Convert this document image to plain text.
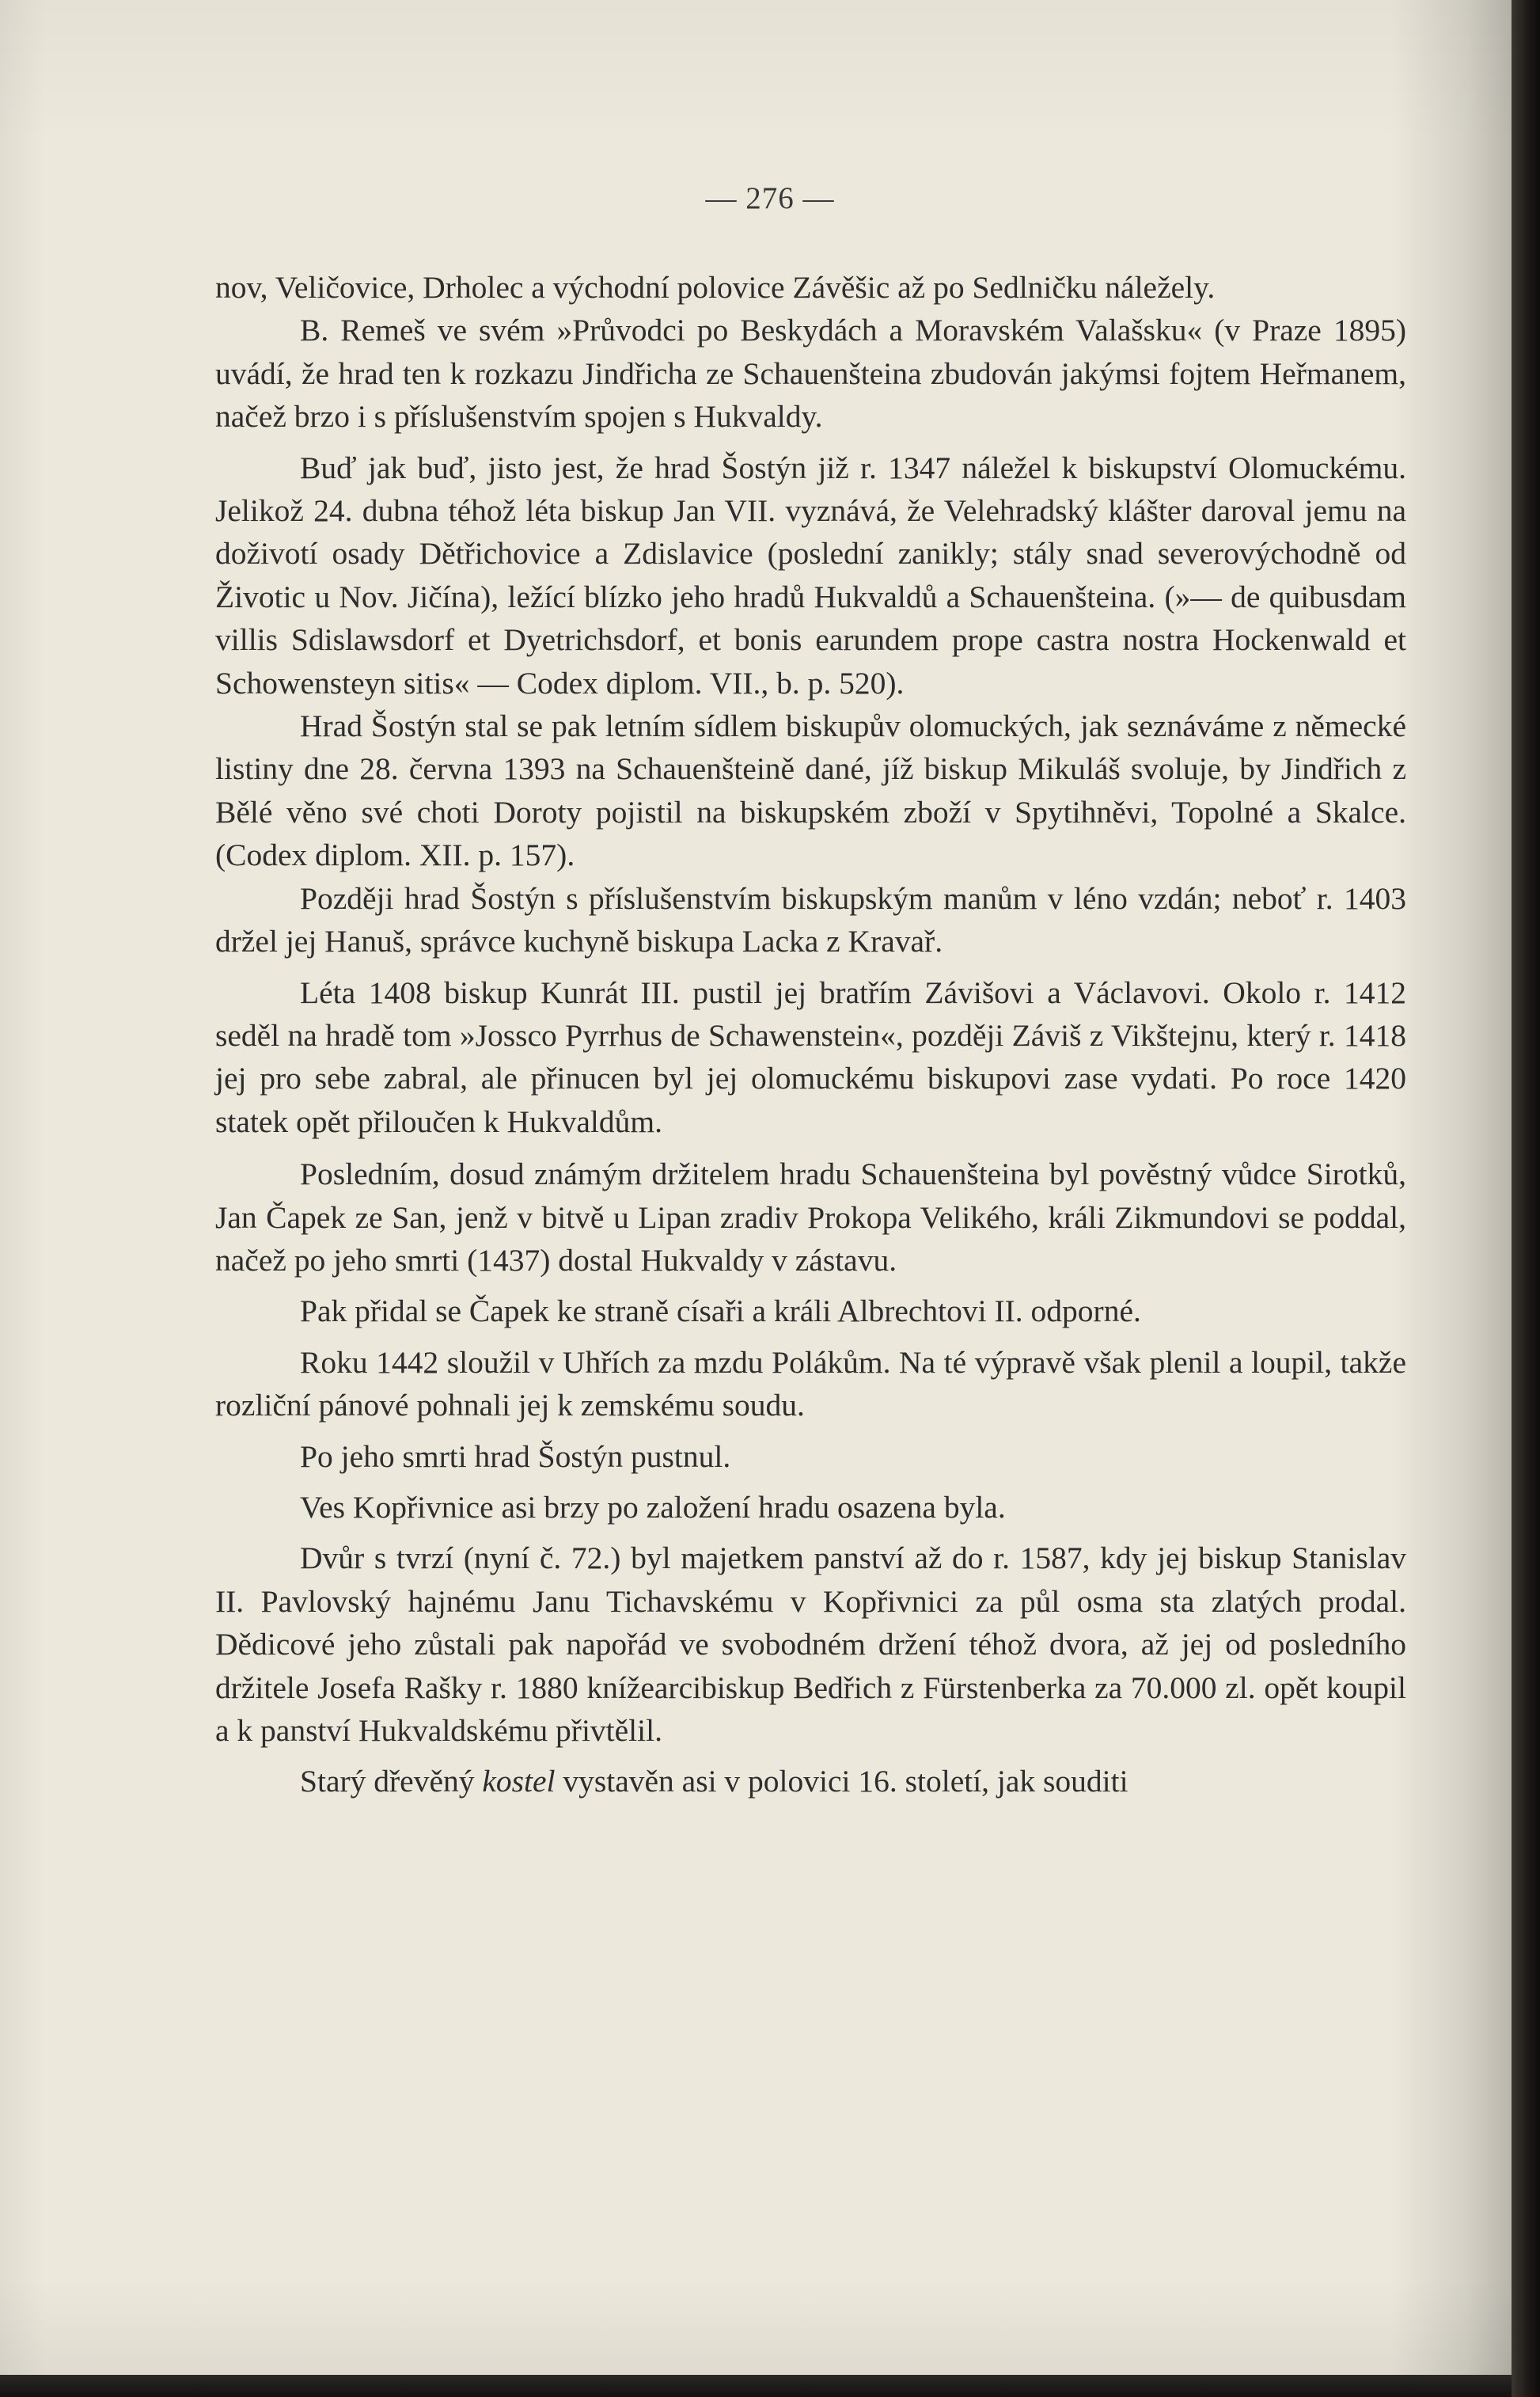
— 276 —

nov, Veličovice, Drholec a východní polovice Závěšic až po Sedlničku náležely.

B. Remeš ve svém »Průvodci po Beskydách a Moravském Valašsku« (v Praze 1895) uvádí, že hrad ten k rozkazu Jindřicha ze Schauenšteina zbudován jakýmsi fojtem Heřmanem, načež brzo i s příslušenstvím spojen s Hukvaldy.

Buď jak buď, jisto jest, že hrad Šostýn již r. 1347 náležel k biskupství Olomuckému. Jelikož 24. dubna téhož léta biskup Jan VII. vyznává, že Velehradský klášter daroval jemu na doživotí osady Dětřichovice a Zdislavice (poslední zanikly; stály snad severovýchodně od Životic u Nov. Jičína), ležící blízko jeho hradů Hukvaldů a Schauenšteina. (»— de quibusdam villis Sdislawsdorf et Dyetrichsdorf, et bonis earundem prope castra nostra Hockenwald et Schowensteyn sitis« — Codex diplom. VII., b. p. 520).

Hrad Šostýn stal se pak letním sídlem biskupův olomuckých, jak seznáváme z německé listiny dne 28. června 1393 na Schauenšteině dané, jíž biskup Mikuláš svoluje, by Jindřich z Bělé věno své choti Doroty pojistil na biskupském zboží v Spytihněvi, Topolné a Skalce. (Codex diplom. XII. p. 157).

Později hrad Šostýn s příslušenstvím biskupským manům v léno vzdán; neboť r. 1403 držel jej Hanuš, správce kuchyně biskupa Lacka z Kravař.

Léta 1408 biskup Kunrát III. pustil jej bratřím Závišovi a Václavovi. Okolo r. 1412 seděl na hradě tom »Jossco Pyrrhus de Schawenstein«, později Záviš z Vikštejnu, který r. 1418 jej pro sebe zabral, ale přinucen byl jej olomuckému biskupovi zase vydati. Po roce 1420 statek opět přiloučen k Hukvaldům.

Posledním, dosud známým držitelem hradu Schauenšteina byl pověstný vůdce Sirotků, Jan Čapek ze San, jenž v bitvě u Lipan zradiv Prokopa Velikého, králi Zikmundovi se poddal, načež po jeho smrti (1437) dostal Hukvaldy v zástavu.

Pak přidal se Čapek ke straně císaři a králi Albrechtovi II. odporné.

Roku 1442 sloužil v Uhřích za mzdu Polákům. Na té výpravě však plenil a loupil, takže rozliční pánové pohnali jej k zemskému soudu.

Po jeho smrti hrad Šostýn pustnul.

Ves Kopřivnice asi brzy po založení hradu osazena byla.

Dvůr s tvrzí (nyní č. 72.) byl majetkem panství až do r. 1587, kdy jej biskup Stanislav II. Pavlovský hajnému Janu Tichavskému v Kopřivnici za půl osma sta zlatých prodal. Dědicové jeho zůstali pak napořád ve svobodném držení téhož dvora, až jej od posledního držitele Josefa Rašky r. 1880 knížearcibiskup Bedřich z Fürstenberka za 70.000 zl. opět koupil a k panství Hukvaldskému přivtělil.

Starý dřevěný kostel vystavěn asi v polovici 16. století, jak souditi
